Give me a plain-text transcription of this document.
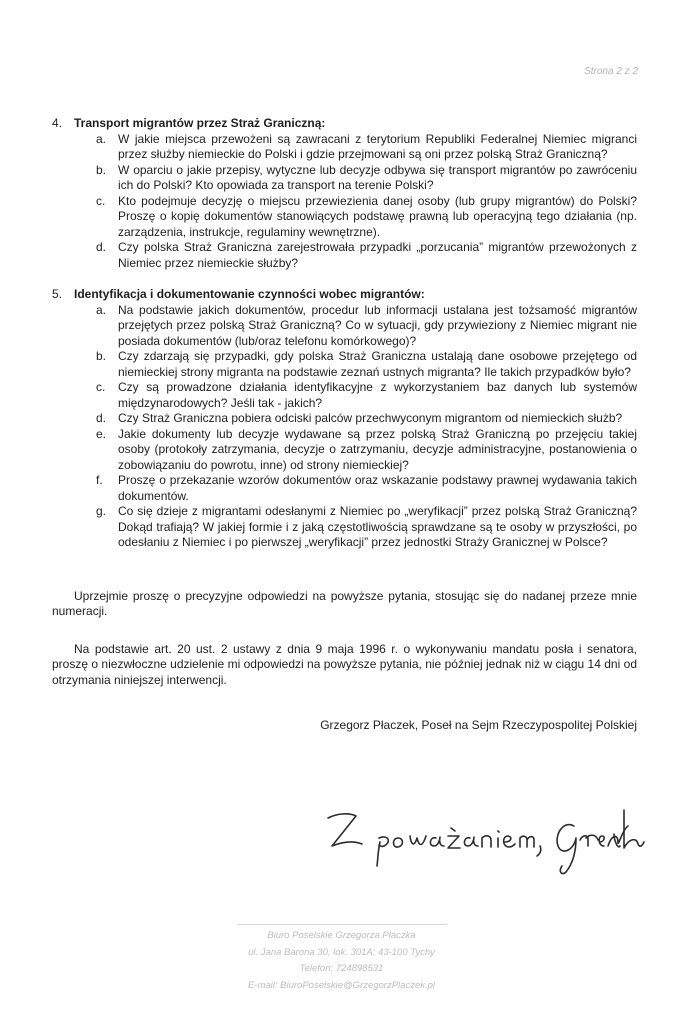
Strona 2 z 2
4. Transport migrantów przez Straż Graniczną:
a. W jakie miejsca przewożeni są zawracani z terytorium Republiki Federalnej Niemiec migranci przez służby niemieckie do Polski i gdzie przejmowani są oni przez polską Straż Graniczną?
b. W oparciu o jakie przepisy, wytyczne lub decyzje odbywa się transport migrantów po zawróceniu ich do Polski? Kto opowiada za transport na terenie Polski?
c.	Kto podejmuje decyzję o miejscu przewiezienia danej osoby (lub grupy migrantów) do Polski? Proszę o kopię dokumentów stanowiących podstawę prawną lub operacyjną tego działania (np. zarządzenia, instrukcje, regulaminy wewnętrzne).
d. Czy polska Straż Graniczna zarejestrowała przypadki „porzucania” migrantów przewożonych z Niemiec przez niemieckie służby?
5. Identyfikacja i dokumentowanie czynności wobec migrantów:
a. Na podstawie jakich dokumentów, procedur lub informacji ustalana jest tożsamość migrantów przejętych przez polską Straż Graniczną? Co w sytuacji, gdy przywieziony z Niemiec migrant nie posiada dokumentów (lub/oraz telefonu komórkowego)?
b. Czy zdarzają się przypadki, gdy polska Straż Graniczna ustalają dane osobowe przejętego od niemieckiej strony migranta na podstawie zeznań ustnych migranta? Ile takich przypadków było?
c.	Czy są prowadzone działania identyfikacyjne z wykorzystaniem baz danych lub systemów międzynarodowych? Jeśli tak - jakich?
d. Czy Straż Graniczna pobiera odciski palców przechwyconym migrantom od niemieckich służb?
e. Jakie dokumenty lub decyzje wydawane są przez polską Straż Graniczną po przejęciu takiej osoby (protokoły zatrzymania, decyzje o zatrzymaniu, decyzje administracyjne, postanowienia o zobowiązaniu do powrotu, inne) od strony niemieckiej?
f.	Proszę o przekazanie wzorów dokumentów oraz wskazanie podstawy prawnej wydawania takich dokumentów.
g. Co się dzieje z migrantami odesłanymi z Niemiec po „weryfikacji” przez polską Straż Graniczną? Dokąd trafiają? W jakiej formie i z jaką częstotliwością sprawdzane są te osoby w przyszłości, po odesłaniu z Niemiec i po pierwszej „weryfikacji” przez jednostki Straży Granicznej w Polsce?

Uprzejmie proszę o precyzyjne odpowiedzi na powyższe pytania, stosując się do nadanej przeze mnie numeracji.

Na podstawie art. 20 ust. 2 ustawy z dnia 9 maja 1996 r. o wykonywaniu mandatu posła i senatora, proszę o niezwłoczne udzielenie mi odpowiedzi na powyższe pytania, nie później jednak niż w ciągu 14 dni od otrzymania niniejszej interwencji.

Grzegorz Płaczek, Poseł na Sejm Rzeczypospolitej Polskiej
Biuro Poselskie Grzegorza Płaczka
ul. Jana Barona 30, lok. 301A; 43-100 Tychy
Telefon: 724898531
E-mail: BiuroPoselskie@GrzegorzPlaczek.pl
